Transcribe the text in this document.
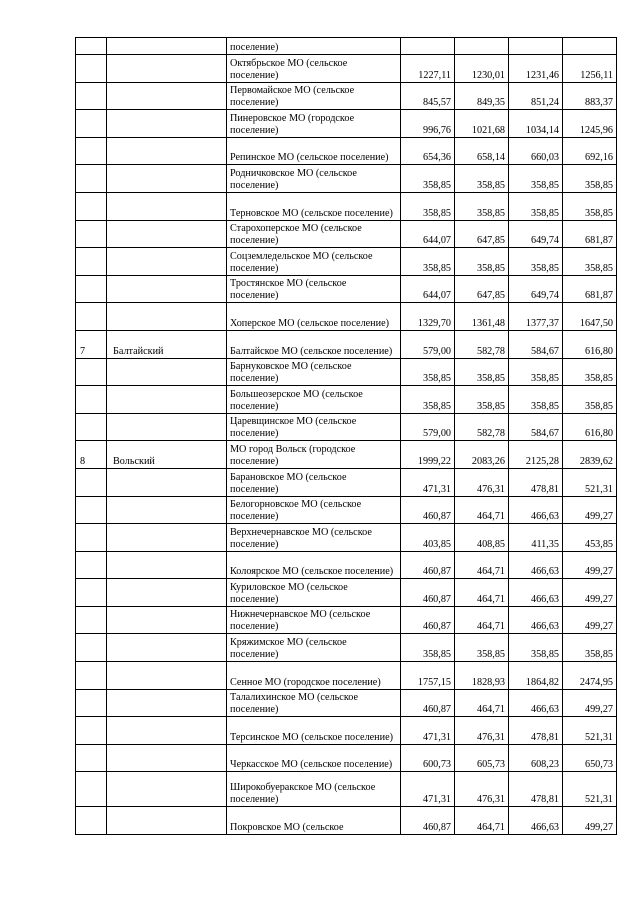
		поселение)				
		Октябрьское МО (сельское поселение)	1227,11	1230,01	1231,46	1256,11
		Первомайское МО (сельское поселение)	845,57	849,35	851,24	883,37
		Пинеровское МО (городское поселение)	996,76	1021,68	1034,14	1245,96
		Репинское МО (сельское поселение)	654,36	658,14	660,03	692,16
		Родничковское МО (сельское поселение)	358,85	358,85	358,85	358,85
		Терновское МО (сельское поселение)	358,85	358,85	358,85	358,85
		Старохоперское МО (сельское поселение)	644,07	647,85	649,74	681,87
		Соцземледельское МО (сельское поселение)	358,85	358,85	358,85	358,85
		Тростянское МО (сельское поселение)	644,07	647,85	649,74	681,87
		Хоперское МО (сельское поселение)	1329,70	1361,48	1377,37	1647,50
7	Балтайский	Балтайское МО (сельское поселение)	579,00	582,78	584,67	616,80
		Барнуковское МО (сельское поселение)	358,85	358,85	358,85	358,85
		Большеозерское МО (сельское поселение)	358,85	358,85	358,85	358,85
		Царевщинское МО (сельское поселение)	579,00	582,78	584,67	616,80
8	Вольский	МО город Вольск (городское поселение)	1999,22	2083,26	2125,28	2839,62
		Барановское МО (сельское поселение)	471,31	476,31	478,81	521,31
		Белогорновское МО (сельское поселение)	460,87	464,71	466,63	499,27
		Верхнечернавское МО (сельское поселение)	403,85	408,85	411,35	453,85
		Колоярское МО (сельское поселение)	460,87	464,71	466,63	499,27
		Куриловское МО (сельское поселение)	460,87	464,71	466,63	499,27
		Нижнечернавское МО (сельское поселение)	460,87	464,71	466,63	499,27
		Кряжимское МО (сельское поселение)	358,85	358,85	358,85	358,85
		Сенное МО (городское поселение)	1757,15	1828,93	1864,82	2474,95
		Талалихинское МО (сельское поселение)	460,87	464,71	466,63	499,27
		Терсинское МО (сельское поселение)	471,31	476,31	478,81	521,31
		Черкасское МО (сельское поселение)	600,73	605,73	608,23	650,73
		Широкобуеракское МО (сельское поселение)	471,31	476,31	478,81	521,31
		Покровское МО (сельское	460,87	464,71	466,63	499,27
